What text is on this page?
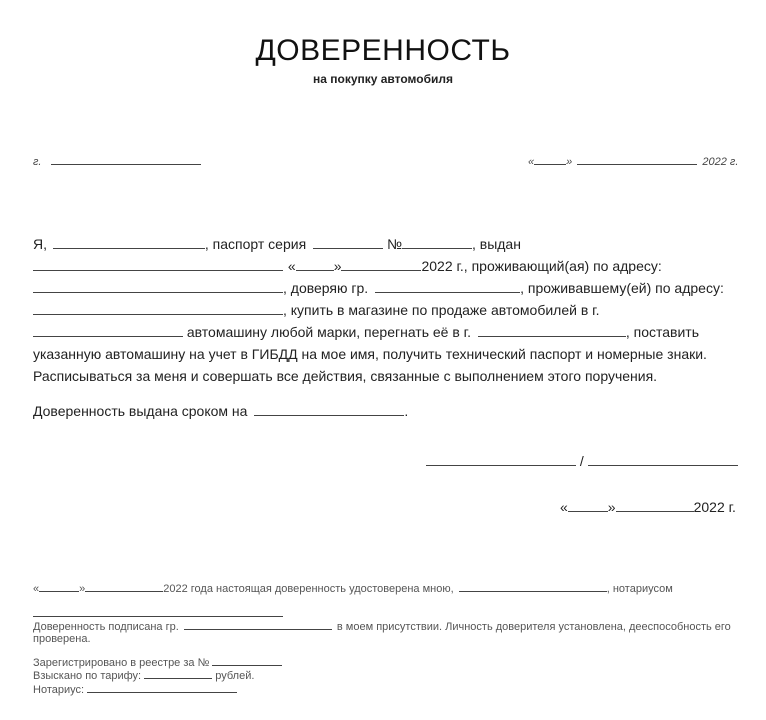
ДОВЕРЕННОСТЬ
на покупку автомобиля
г.	«	»	2022 г.
Я,	, паспорт серия	№	, выдан
«	»	2022 г., проживающий(ая) по адресу:
, доверяю гр.	, проживавшему(ей) по адресу:
, купить в магазине по продаже автомобилей в г.
автомашину любой марки, перегнать её в г.	, поставить
указанную автомашину на учет в ГИБДД на мое имя, получить технический паспорт и номерные знаки.
Расписываться за меня и совершать все действия, связанные с выполнением этого поручения.
Доверенность выдана сроком на	.
/
«	»	2022 г.
«	»	2022 года настоящая доверенность удостоверена мною,	, нотариусом
Доверенность подписана гр.	в моем присутствии. Личность доверителя установлена, дееспособность его
проверена.
Зарегистрировано в реестре за №
Взыскано по тарифу:	рублей.
Нотариус:
